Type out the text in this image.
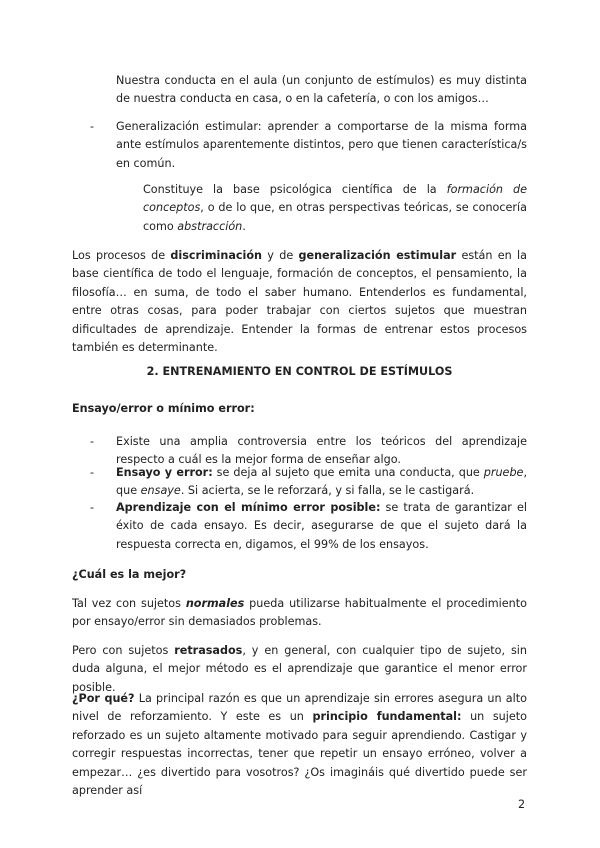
Nuestra conducta en el aula (un conjunto de estímulos) es muy distinta de nuestra conducta en casa, o en la cafetería, o con los amigos…

- Generalización estimular: aprender a comportarse de la misma forma ante estímulos aparentemente distintos, pero que tienen característica/s en común.

Constituye la base psicológica científica de la formación de conceptos, o de lo que, en otras perspectivas teóricas, se conocería como abstracción.

Los procesos de discriminación y de generalización estimular están en la base científica de todo el lenguaje, formación de conceptos, el pensamiento, la filosofía… en suma, de todo el saber humano. Entenderlos es fundamental, entre otras cosas, para poder trabajar con ciertos sujetos que muestran dificultades de aprendizaje. Entender la formas de entrenar estos procesos también es determinante.

2. ENTRENAMIENTO EN CONTROL DE ESTÍMULOS

Ensayo/error o mínimo error:

- Existe una amplia controversia entre los teóricos del aprendizaje respecto a cuál es la mejor forma de enseñar algo.

- Ensayo y error: se deja al sujeto que emita una conducta, que pruebe, que ensaye. Si acierta, se le reforzará, y si falla, se le castigará.

- Aprendizaje con el mínimo error posible: se trata de garantizar el éxito de cada ensayo. Es decir, asegurarse de que el sujeto dará la respuesta correcta en, digamos, el 99% de los ensayos.

¿Cuál es la mejor?

Tal vez con sujetos normales pueda utilizarse habitualmente el procedimiento por ensayo/error sin demasiados problemas.

Pero con sujetos retrasados, y en general, con cualquier tipo de sujeto, sin duda alguna, el mejor método es el aprendizaje que garantice el menor error posible.

¿Por qué? La principal razón es que un aprendizaje sin errores asegura un alto nivel de reforzamiento. Y este es un principio fundamental: un sujeto reforzado es un sujeto altamente motivado para seguir aprendiendo. Castigar y corregir respuestas incorrectas, tener que repetir un ensayo erróneo, volver a empezar… ¿es divertido para vosotros? ¿Os imagináis qué divertido puede ser aprender así

2
